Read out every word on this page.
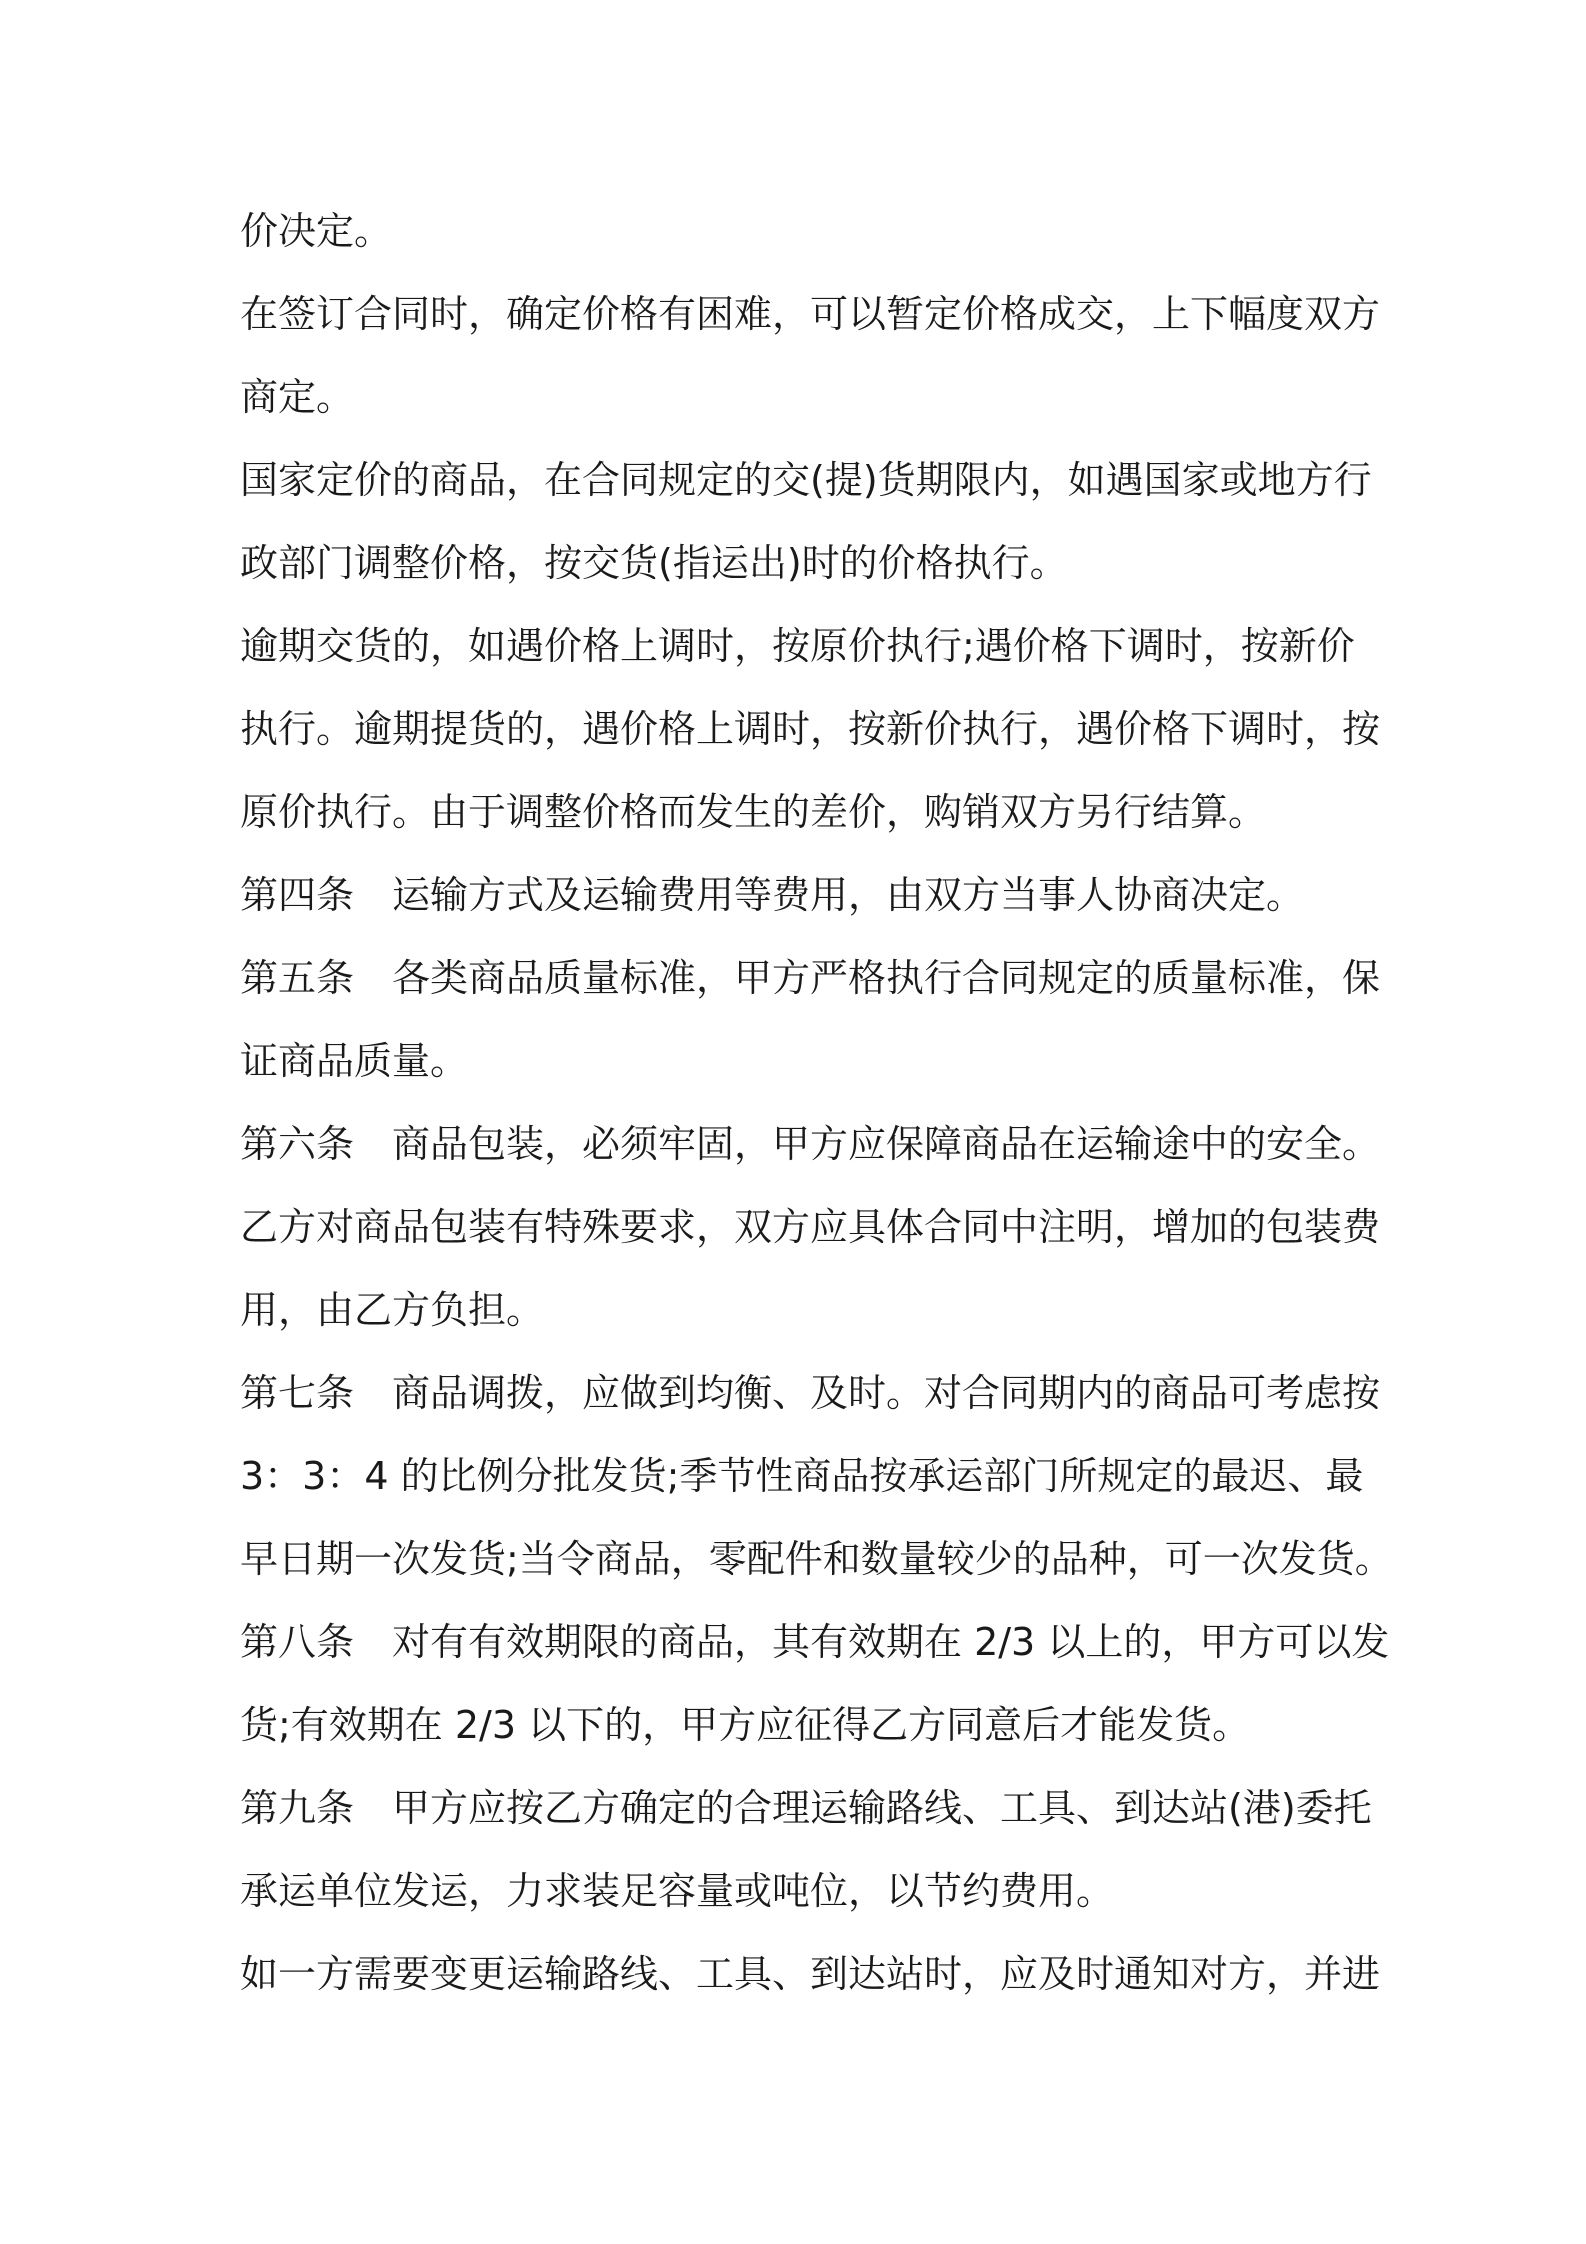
价决定。
在签订合同时，确定价格有困难，可以暂定价格成交，上下幅度双方
商定。
国家定价的商品，在合同规定的交(提)货期限内，如遇国家或地方行
政部门调整价格，按交货(指运出)时的价格执行。
逾期交货的，如遇价格上调时，按原价执行;遇价格下调时，按新价
执行。逾期提货的，遇价格上调时，按新价执行，遇价格下调时，按
原价执行。由于调整价格而发生的差价，购销双方另行结算。
第四条　运输方式及运输费用等费用，由双方当事人协商决定。
第五条　各类商品质量标准，甲方严格执行合同规定的质量标准，保
证商品质量。
第六条　商品包装，必须牢固，甲方应保障商品在运输途中的安全。
乙方对商品包装有特殊要求，双方应具体合同中注明，增加的包装费
用，由乙方负担。
第七条　商品调拨，应做到均衡、及时。对合同期内的商品可考虑按
3：3：4 的比例分批发货;季节性商品按承运部门所规定的最迟、最
早日期一次发货;当令商品，零配件和数量较少的品种，可一次发货。
第八条　对有有效期限的商品，其有效期在 2/3 以上的，甲方可以发
货;有效期在 2/3 以下的，甲方应征得乙方同意后才能发货。
第九条　甲方应按乙方确定的合理运输路线、工具、到达站(港)委托
承运单位发运，力求装足容量或吨位，以节约费用。
如一方需要变更运输路线、工具、到达站时，应及时通知对方，并进
